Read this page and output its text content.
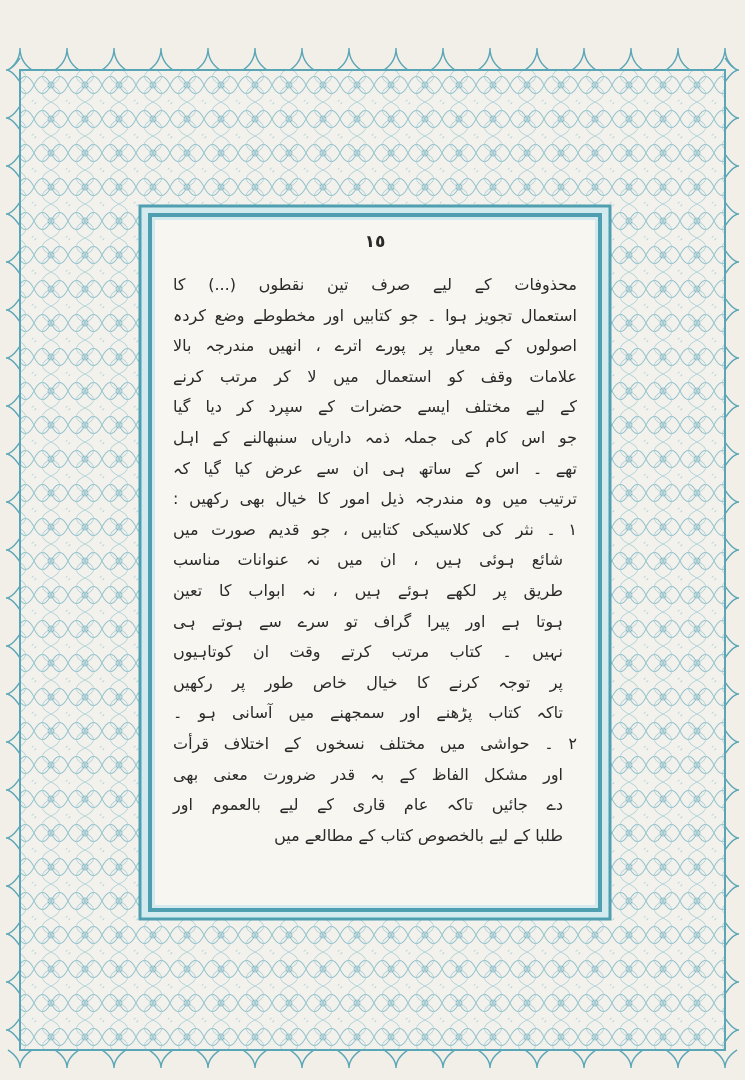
١٥
محذوفات کے لیے صرف تین نقطوں (...) کا
استعمال تجویز ہوا ۔ جو کتابیں اور مخطوطے وضع کردہ
اصولوں کے معیار پر پورے اترے ، انھیں مندرجہ بالا
علامات وقف کو استعمال میں لا کر مرتب کرنے
کے لیے مختلف ایسے حضرات کے سپرد کر دیا گیا
جو اس کام کی جملہ ذمہ داریاں سنبھالنے کے اہل
تھے ۔ اس کے ساتھ ہی ان سے عرض کیا گیا کہ
ترتیب میں وہ مندرجہ ذیل امور کا خیال بھی رکھیں :
١ ۔ نثر کی کلاسیکی کتابیں ، جو قدیم صورت میں
شائع ہوئی ہیں ، ان میں نہ عنوانات مناسب
طریق پر لکھے ہوئے ہیں ، نہ ابواب کا تعین
ہوتا ہے اور پیرا گراف تو سرے سے ہوتے ہی
نہیں ۔ کتاب مرتب کرتے وقت ان کوتاہیوں
پر توجہ کرنے کا خیال خاص طور پر رکھیں
تاکہ کتاب پڑھنے اور سمجھنے میں آسانی ہو ۔
٢ ۔ حواشی میں مختلف نسخوں کے اختلاف قرأت
اور مشکل الفاظ کے بہ قدر ضرورت معنی بھی
دے جائیں تاکہ عام قاری کے لیے بالعموم اور
طلبا کے لیے بالخصوص کتاب کے مطالعے میں
